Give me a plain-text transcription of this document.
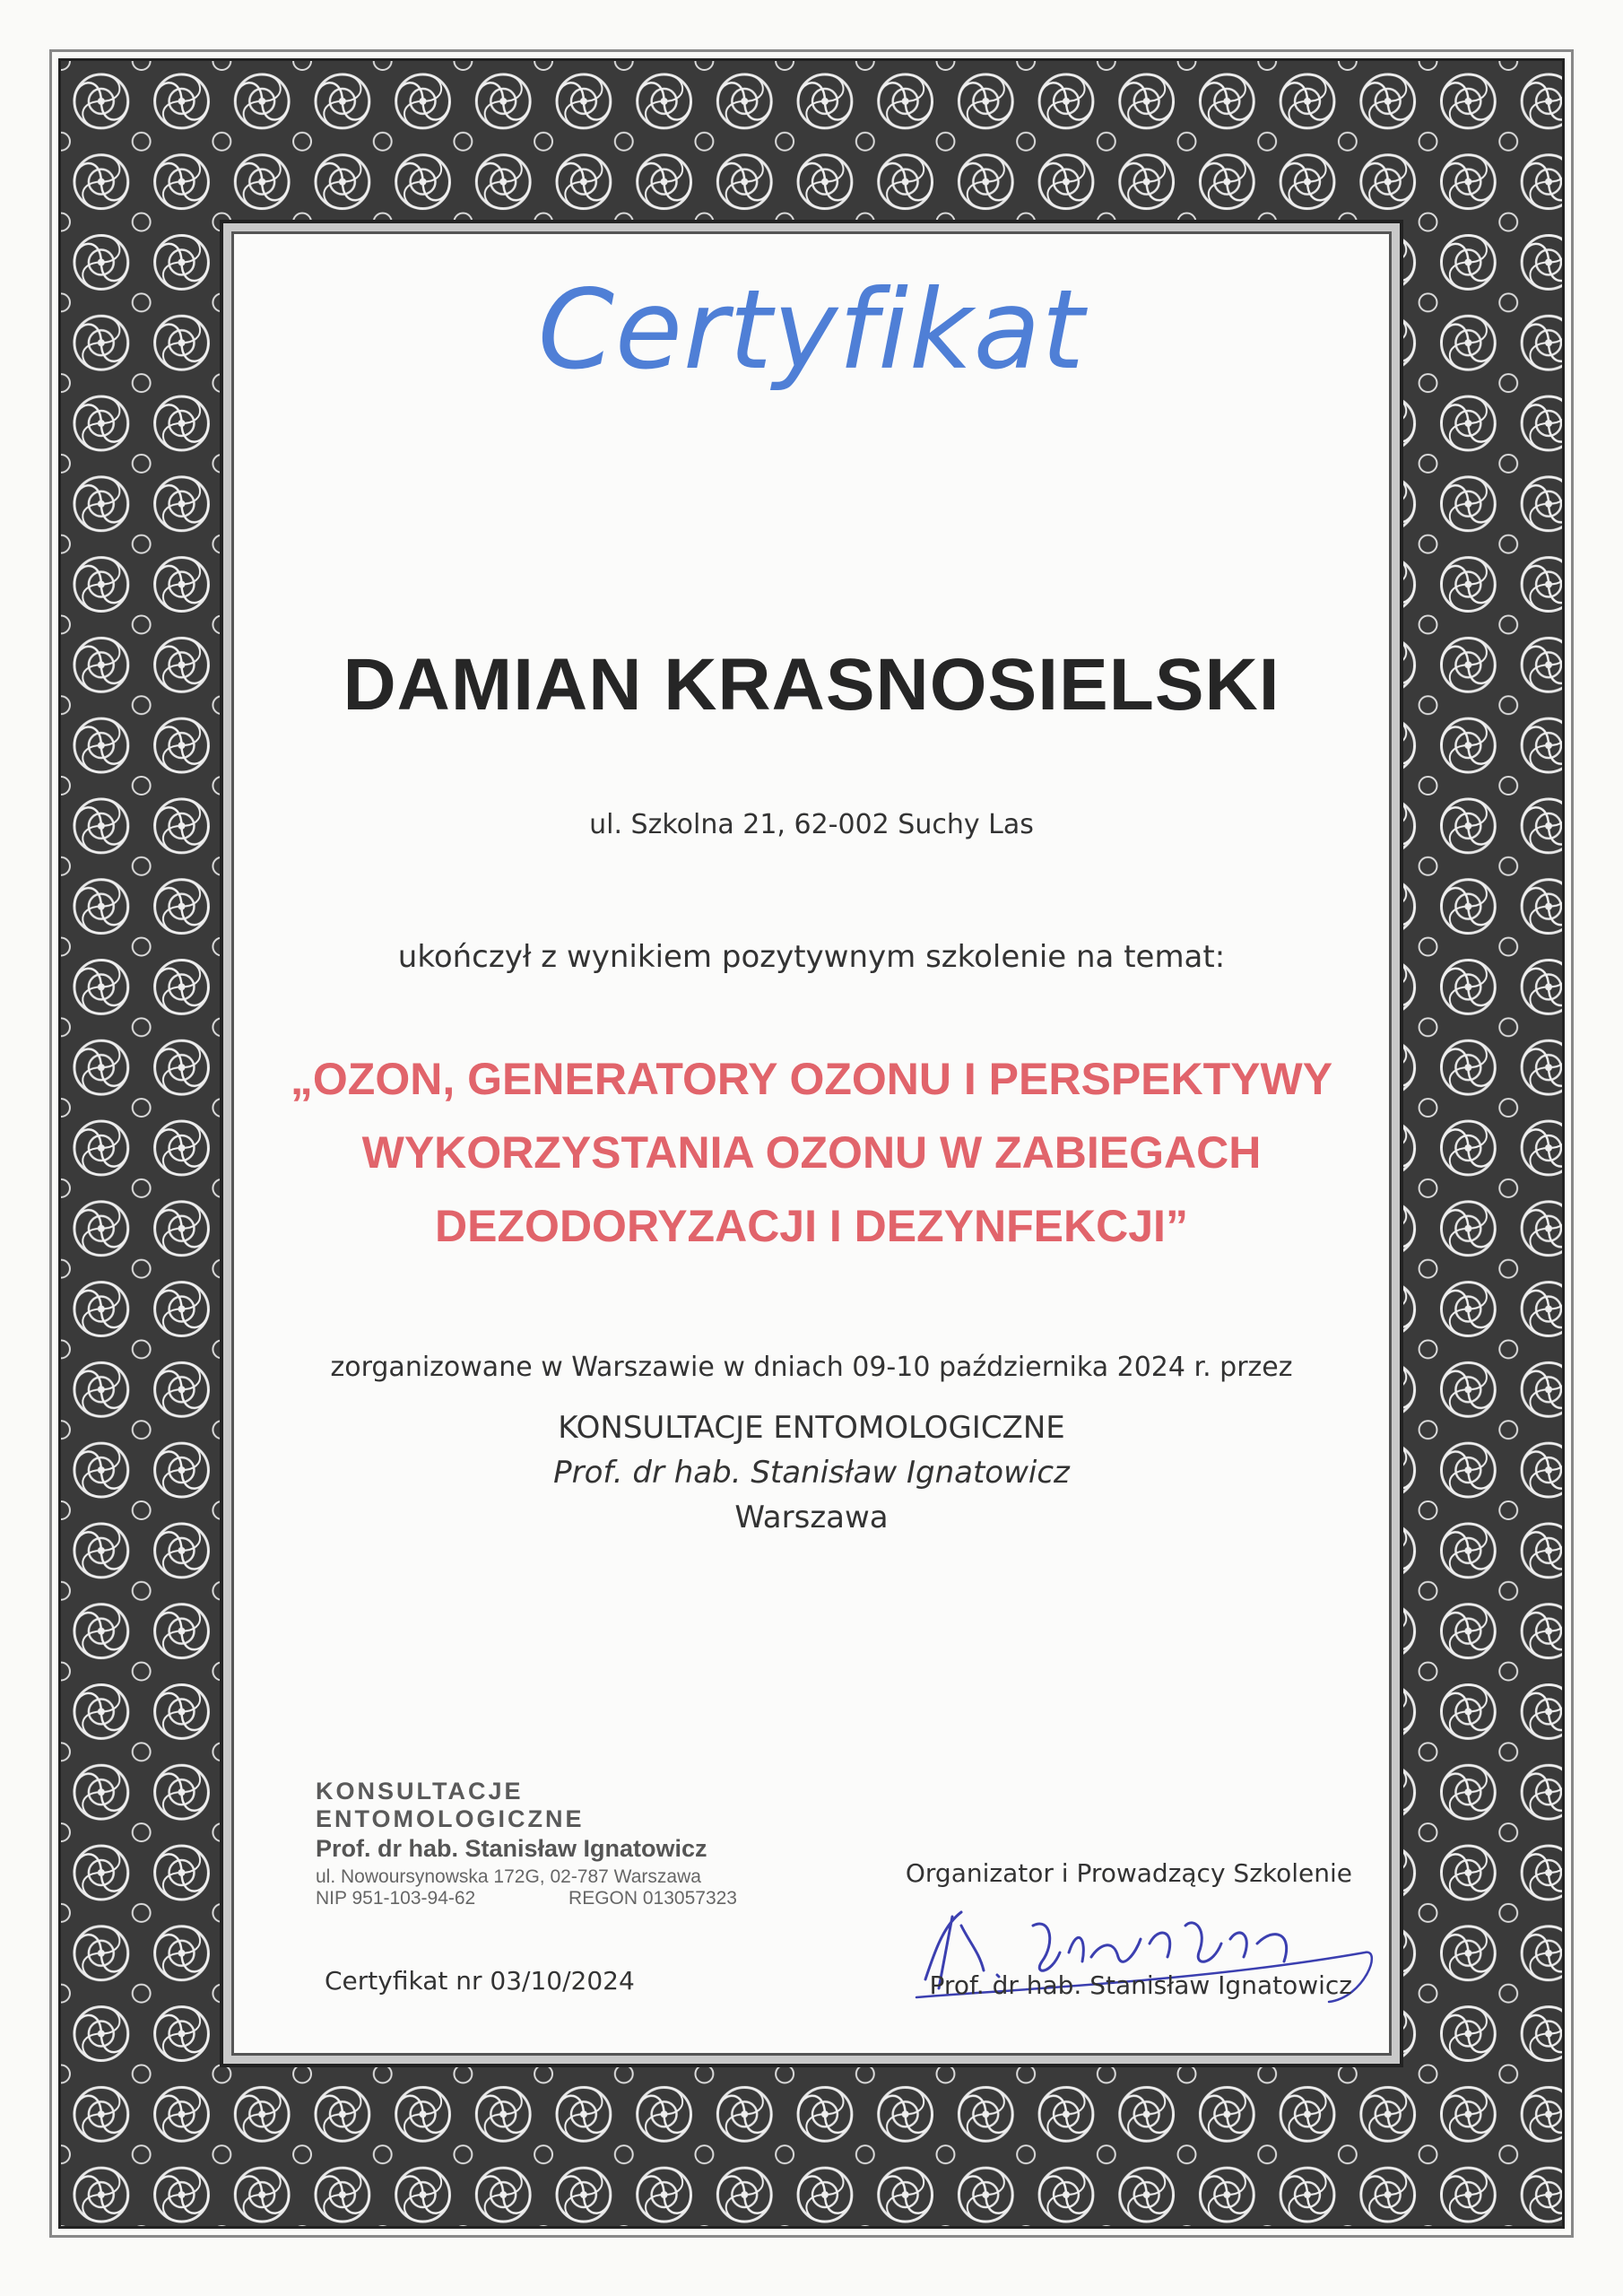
Certyfikat
DAMIAN KRASNOSIELSKI
ul. Szkolna 21, 62-002 Suchy Las
ukończył z wynikiem pozytywnym szkolenie na temat:
„OZON, GENERATORY OZONU I PERSPEKTYWY
WYKORZYSTANIA OZONU W ZABIEGACH
DEZODORYZACJI I DEZYNFEKCJI”
zorganizowane w Warszawie w dniach 09-10 października 2024 r. przez
KONSULTACJE ENTOMOLOGICZNE
Prof. dr hab. Stanisław Ignatowicz
Warszawa
KONSULTACJE ENTOMOLOGICZNE
Prof. dr hab. Stanisław Ignatowicz
ul. Nowoursynowska 172G, 02-787 Warszawa
NIP 951-103-94-62	REGON 013057323
Organizator i Prowadzący Szkolenie
Certyfikat nr 03/10/2024	Prof. dr hab. Stanisław Ignatowicz
